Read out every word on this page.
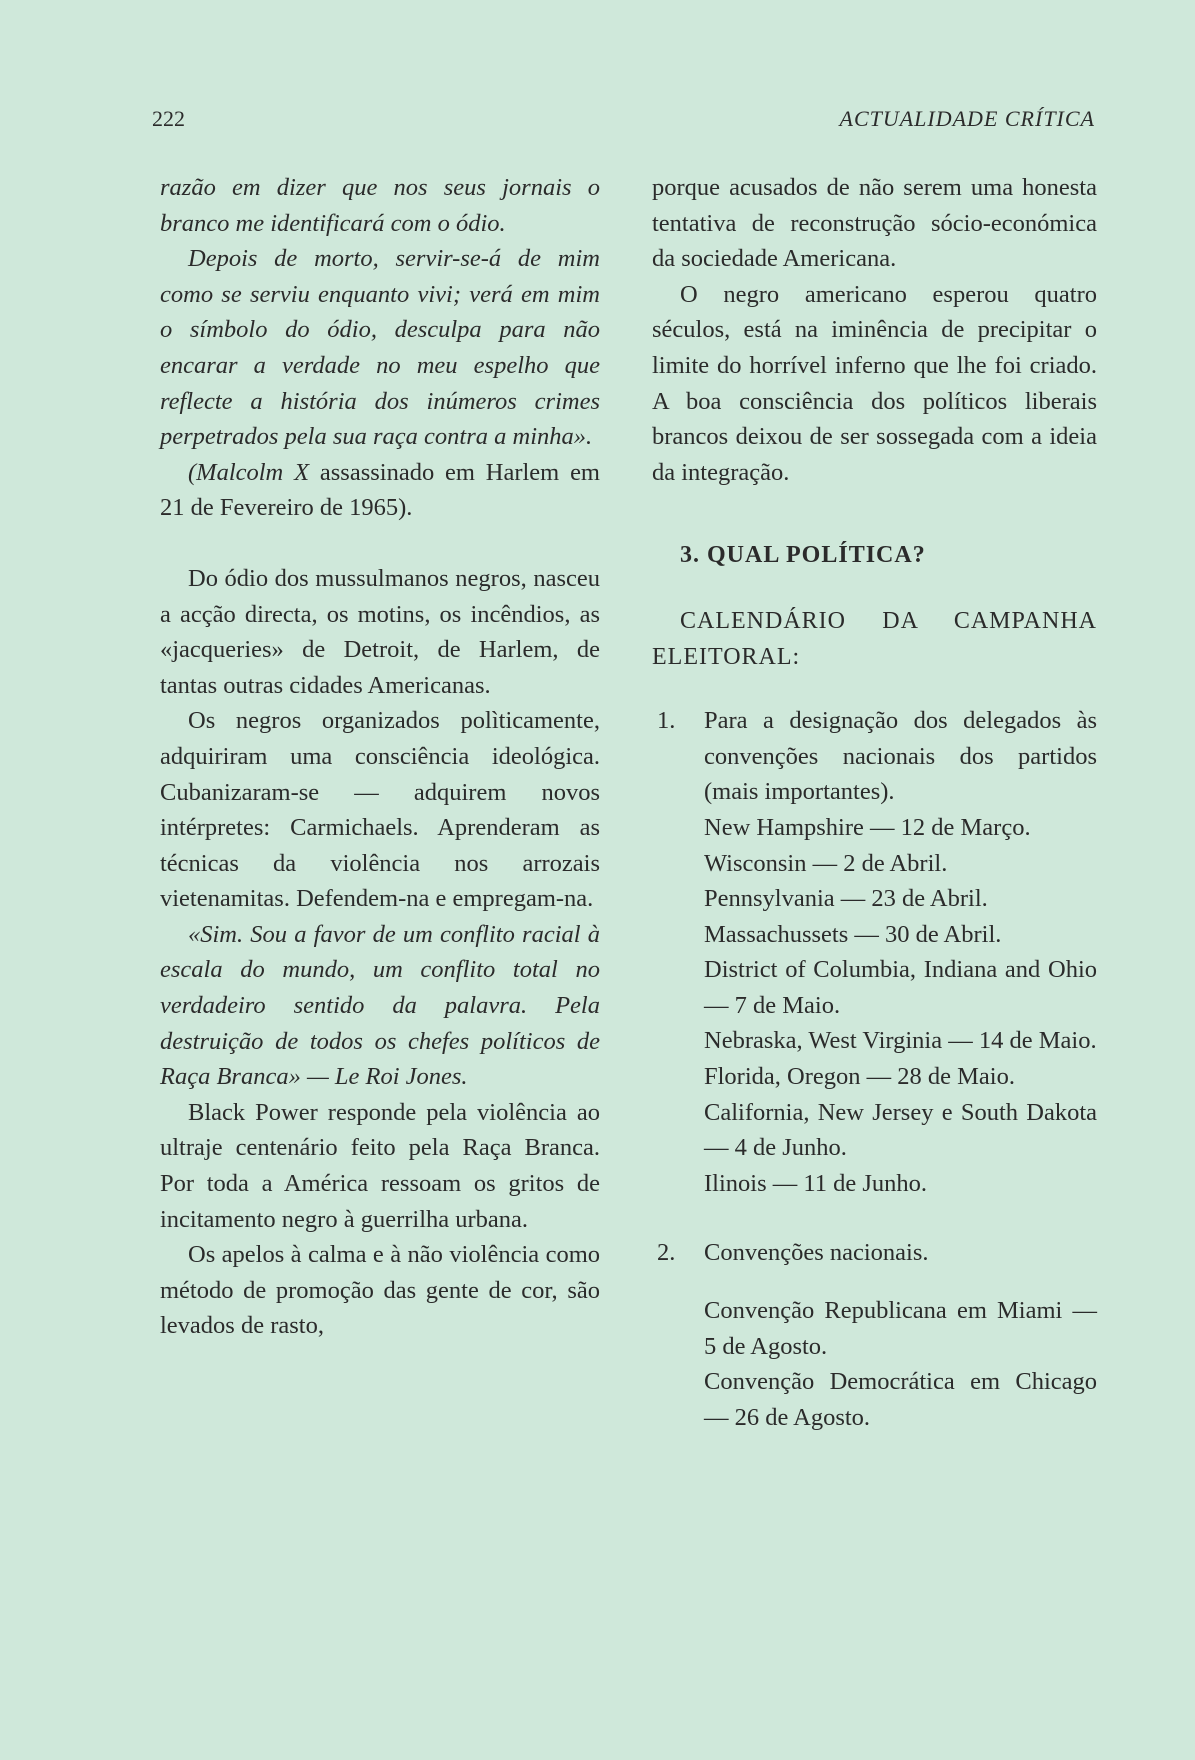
222	ACTUALIDADE CRÍTICA

razão em dizer que nos seus jornais o branco me identificará com o ódio.

Depois de morto, servir-se-á de mim como se serviu enquanto vivi; verá em mim o símbolo do ódio, desculpa para não encarar a verdade no meu espelho que reflecte a história dos inúmeros crimes perpetrados pela sua raça contra a minha».

(Malcolm X assassinado em Harlem em 21 de Fevereiro de 1965).

Do ódio dos mussulmanos negros, nasceu a acção directa, os motins, os incêndios, as «jacqueries» de Detroit, de Harlem, de tantas outras cidades Americanas.

Os negros organizados polìticamente, adquiriram uma consciência ideológica. Cubanizaram-se — adquirem novos intérpretes: Carmichaels. Aprenderam as técnicas da violência nos arrozais vietenamitas. Defendem-na e empregam-na.

«Sim. Sou a favor de um conflito racial à escala do mundo, um conflito total no verdadeiro sentido da palavra. Pela destruição de todos os chefes políticos de Raça Branca» — Le Roi Jones.

Black Power responde pela violência ao ultraje centenário feito pela Raça Branca. Por toda a América ressoam os gritos de incitamento negro à guerrilha urbana.

Os apelos à calma e à não violência como método de promoção das gente de cor, são levados de rasto,

porque acusados de não serem uma honesta tentativa de reconstrução sócio-económica da sociedade Americana.

O negro americano esperou quatro séculos, está na iminência de precipitar o limite do horrível inferno que lhe foi criado. A boa consciência dos políticos liberais brancos deixou de ser sossegada com a ideia da integração.

3. QUAL POLÍTICA?

CALENDÁRIO DA CAMPANHA ELEITORAL:

1. Para a designação dos delegados às convenções nacionais dos partidos (mais importantes).
New Hampshire — 12 de Março.
Wisconsin — 2 de Abril.
Pennsylvania — 23 de Abril.
Massachussets — 30 de Abril.
District of Columbia, Indiana and Ohio — 7 de Maio.
Nebraska, West Virginia — 14 de Maio.
Florida, Oregon — 28 de Maio.
California, New Jersey e South Dakota — 4 de Junho.
Ilinois — 11 de Junho.
2. Convenções nacionais.
Convenção Republicana em Miami — 5 de Agosto.
Convenção Democrática em Chicago — 26 de Agosto.
